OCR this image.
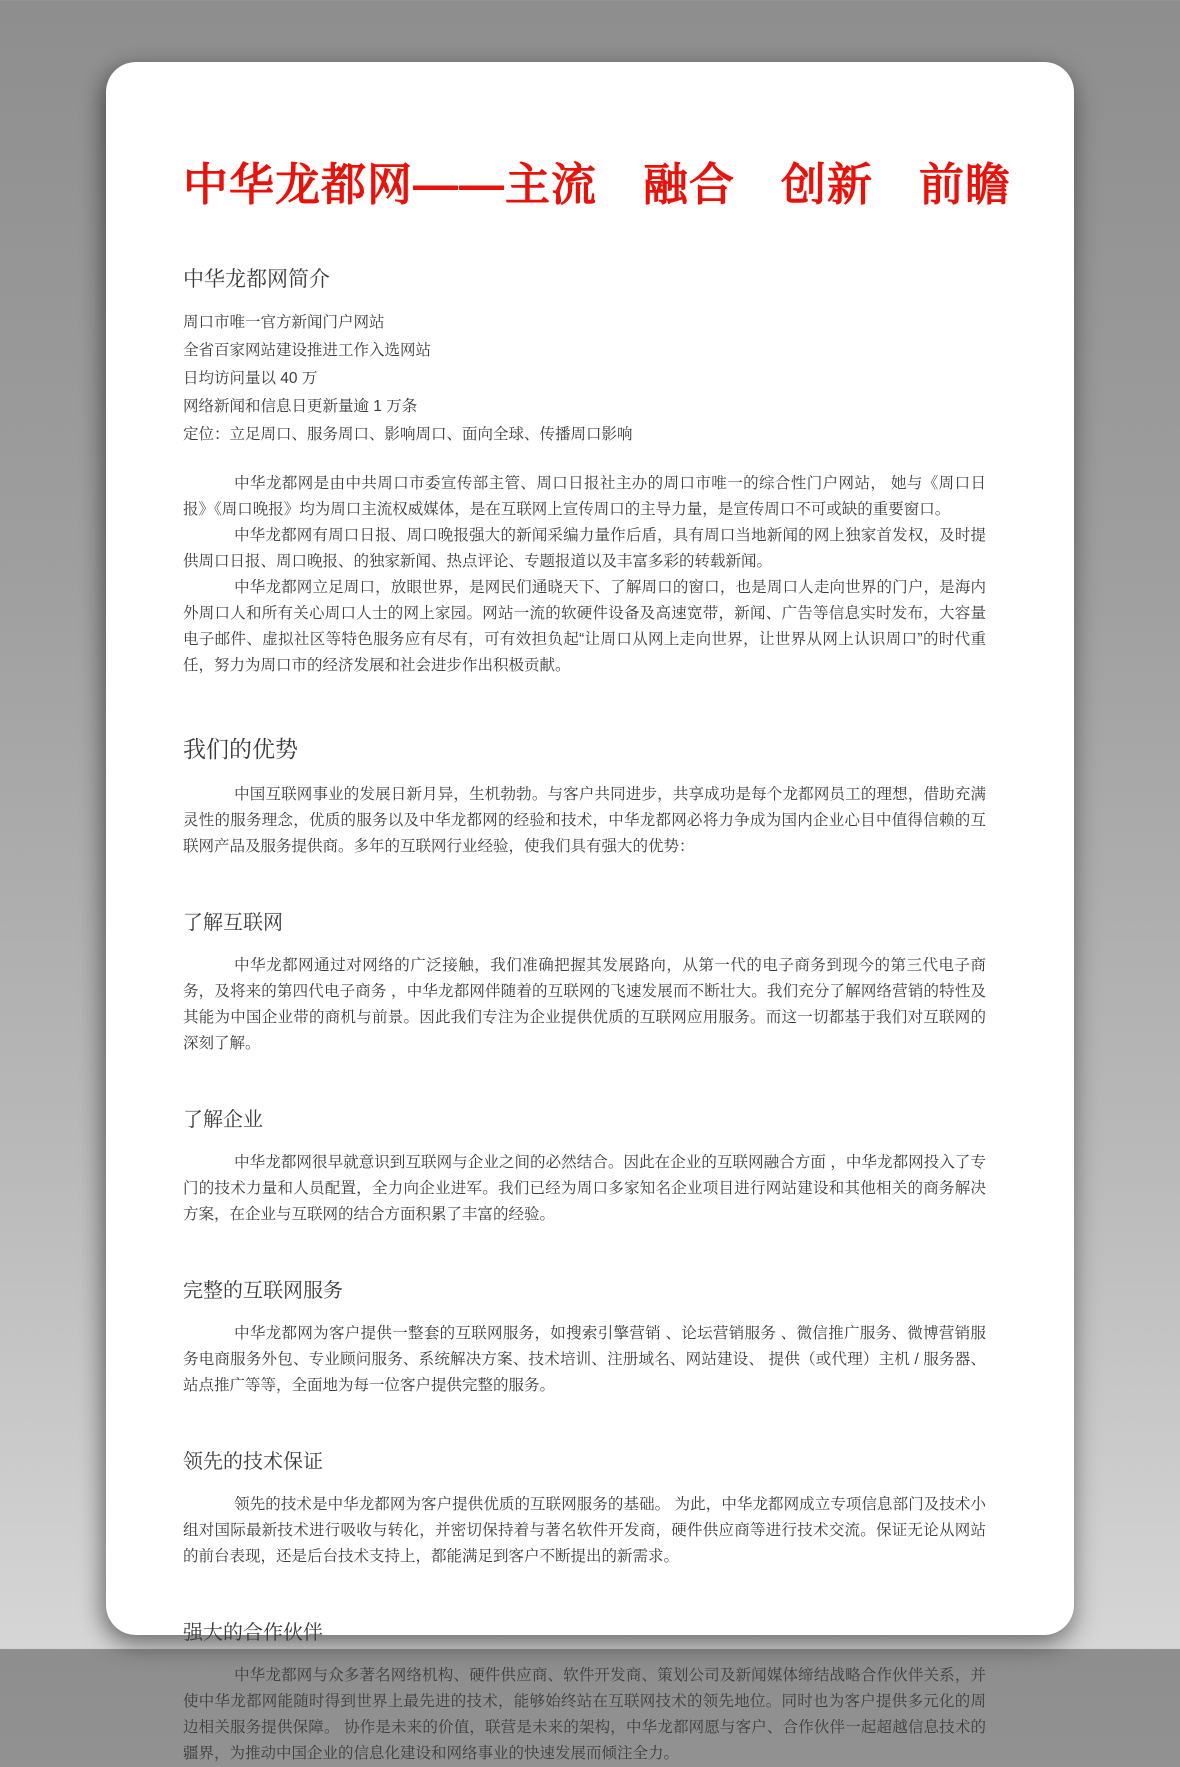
中华龙都网——主流　融合　创新　前瞻
中华龙都网简介

周口市唯一官方新闻门户网站

全省百家网站建设推进工作入选网站

日均访问量以 40 万

网络新闻和信息日更新量逾 1 万条

定位：立足周口、服务周口、影响周口、面向全球、传播周口影响

中华龙都网是由中共周口市委宣传部主管、周口日报社主办的周口市唯一的综合性门户网站， 她与《周口日报》《周口晚报》均为周口主流权威媒体，是在互联网上宣传周口的主导力量，是宣传周口不可或缺的重要窗口。

中华龙都网有周口日报、周口晚报强大的新闻采编力量作后盾，具有周口当地新闻的网上独家首发权，及时提供周口日报、周口晚报、的独家新闻、热点评论、专题报道以及丰富多彩的转载新闻。

中华龙都网立足周口，放眼世界，是网民们通晓天下、了解周口的窗口，也是周口人走向世界的门户，是海内外周口人和所有关心周口人士的网上家园。网站一流的软硬件设备及高速宽带，新闻、广告等信息实时发布，大容量电子邮件、虚拟社区等特色服务应有尽有，可有效担负起“让周口从网上走向世界，让世界从网上认识周口”的时代重任，努力为周口市的经济发展和社会进步作出积极贡献。

我们的优势

中国互联网事业的发展日新月异，生机勃勃。与客户共同进步，共享成功是每个龙都网员工的理想，借助充满灵性的服务理念，优质的服务以及中华龙都网的经验和技术，中华龙都网必将力争成为国内企业心目中值得信赖的互联网产品及服务提供商。多年的互联网行业经验，使我们具有强大的优势：

了解互联网

中华龙都网通过对网络的广泛接触，我们准确把握其发展路向，从第一代的电子商务到现今的第三代电子商务，及将来的第四代电子商务 ，中华龙都网伴随着的互联网的飞速发展而不断壮大。我们充分了解网络营销的特性及其能为中国企业带的商机与前景。因此我们专注为企业提供优质的互联网应用服务。而这一切都基于我们对互联网的深刻了解。

了解企业

中华龙都网很早就意识到互联网与企业之间的必然结合。因此在企业的互联网融合方面 ，中华龙都网投入了专门的技术力量和人员配置，全力向企业进军。我们已经为周口多家知名企业项目进行网站建设和其他相关的商务解决方案，在企业与互联网的结合方面积累了丰富的经验。

完整的互联网服务

中华龙都网为客户提供一整套的互联网服务，如搜索引擎营销 、论坛营销服务 、微信推广服务、微博营销服务电商服务外包、专业顾问服务、系统解决方案、技术培训、注册域名、网站建设、 提供（或代理）主机 / 服务器、 站点推广等等，全面地为每一位客户提供完整的服务。

领先的技术保证

领先的技术是中华龙都网为客户提供优质的互联网服务的基础。 为此，中华龙都网成立专项信息部门及技术小组对国际最新技术进行吸收与转化，并密切保持着与著名软件开发商，硬件供应商等进行技术交流。保证无论从网站的前台表现，还是后台技术支持上，都能满足到客户不断提出的新需求。

强大的合作伙伴

中华龙都网与众多著名网络机构、硬件供应商、软件开发商、策划公司及新闻媒体缔结战略合作伙伴关系，并使中华龙都网能随时得到世界上最先进的技术，能够始终站在互联网技术的领先地位。同时也为客户提供多元化的周边相关服务提供保障。 协作是未来的价值，联营是未来的架构，中华龙都网愿与客户、合作伙伴一起超越信息技术的疆界，为推动中国企业的信息化建设和网络事业的快速发展而倾注全力。
